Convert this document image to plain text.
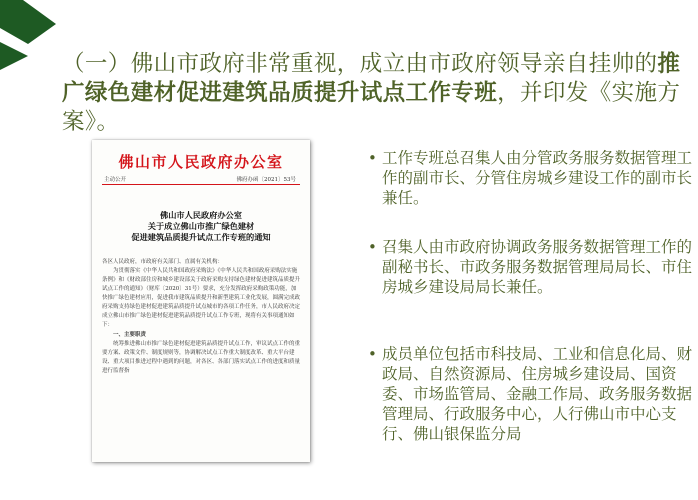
（一）佛山市政府非常重视，成立由市政府领导亲自挂帅的推广绿色建材促进建筑品质提升试点工作专班，并印发《实施方案》。
佛山市人民政府办公室
主动公开	佛府办函〔2021〕53号
佛山市人民政府办公室
关于成立佛山市推广绿色建材
促进建筑品质提升试点工作专班的通知

各区人民政府，市政府有关部门、直属有关机构：

为贯彻落实《中华人民共和国政府采购法》《中华人民共和国政府采购法实施条例》和《财政部住房和城乡建设部关于政府采购支持绿色建材促进建筑品质提升试点工作的通知》（财库〔2020〕31号）要求，充分发挥政府采购政策功能，加快推广绿色建材应用，促进我市建筑品质提升和新型建筑工业化发展，圆满完成政府采购支持绿色建材促进建筑品质提升试点城市的各项工作任务，市人民政府决定成立佛山市推广绿色建材促进建筑品质提升试点工作专班，现将有关事项通知如下：

一、主要职责

统筹推进佛山市推广绿色建材促进建筑品质提升试点工作，审议试点工作的重要方案、政策文件、制度规则等，协调解决试点工作重大制度改革、重大平台建设、重大项目推进过程中遇到的问题，对各区、各部门落实试点工作的进度和质量进行监督指

• 工作专班总召集人由分管政务服务数据管理工作的副市长、分管住房城乡建设工作的副市长兼任。
• 召集人由市政府协调政务服务数据管理工作的副秘书长、市政务服务数据管理局局长、市住房城乡建设局局长兼任。
• 成员单位包括市科技局、工业和信息化局、财政局、自然资源局、住房城乡建设局、国资委、市场监管局、金融工作局、政务服务数据管理局、行政服务中心，人行佛山市中心支行、佛山银保监分局
